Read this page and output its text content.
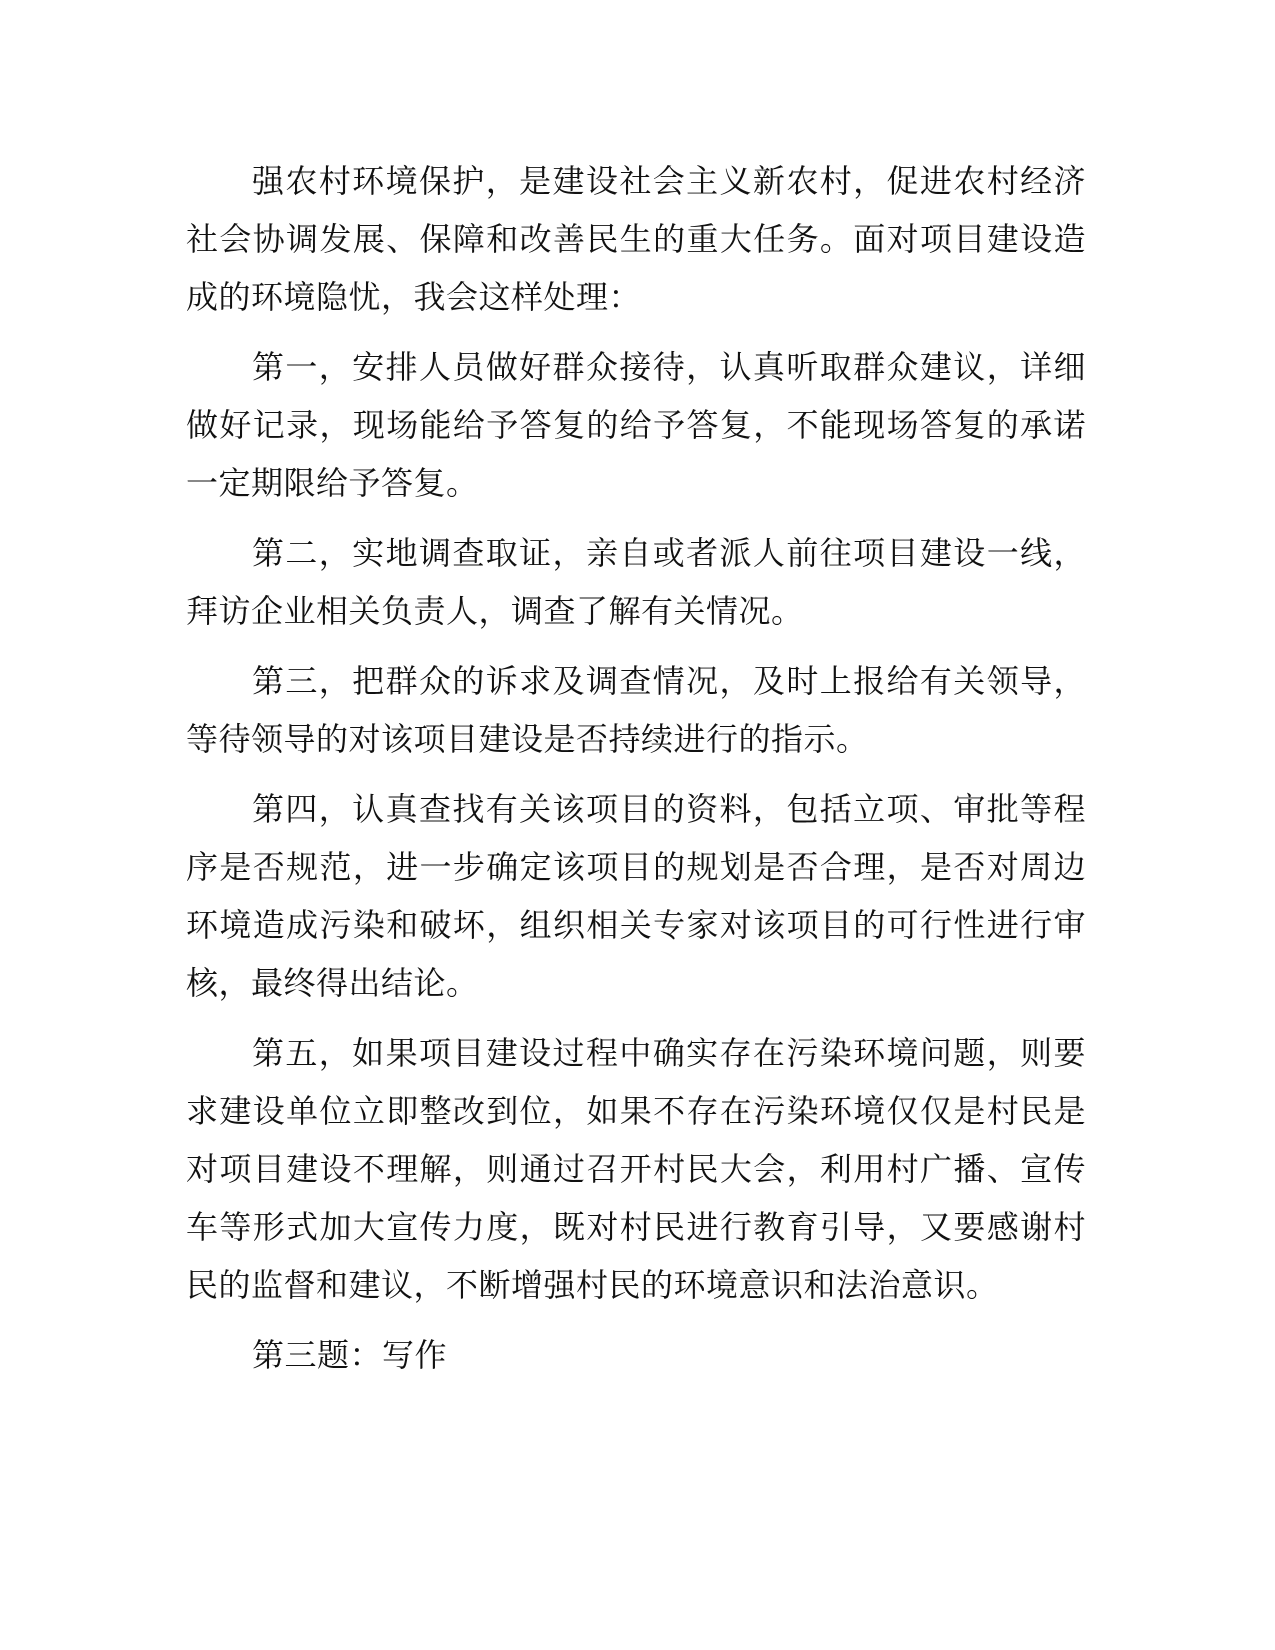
强农村环境保护，是建设社会主义新农村，促进农村经济社会协调发展、保障和改善民生的重大任务。面对项目建设造成的环境隐忧，我会这样处理：

第一，安排人员做好群众接待，认真听取群众建议，详细做好记录，现场能给予答复的给予答复，不能现场答复的承诺一定期限给予答复。

第二，实地调查取证，亲自或者派人前往项目建设一线，拜访企业相关负责人，调查了解有关情况。

第三，把群众的诉求及调查情况，及时上报给有关领导，等待领导的对该项目建设是否持续进行的指示。

第四，认真查找有关该项目的资料，包括立项、审批等程序是否规范，进一步确定该项目的规划是否合理，是否对周边环境造成污染和破坏，组织相关专家对该项目的可行性进行审核，最终得出结论。

第五，如果项目建设过程中确实存在污染环境问题，则要求建设单位立即整改到位，如果不存在污染环境仅仅是村民是对项目建设不理解，则通过召开村民大会，利用村广播、宣传车等形式加大宣传力度，既对村民进行教育引导，又要感谢村民的监督和建议，不断增强村民的环境意识和法治意识。

第三题：写作
